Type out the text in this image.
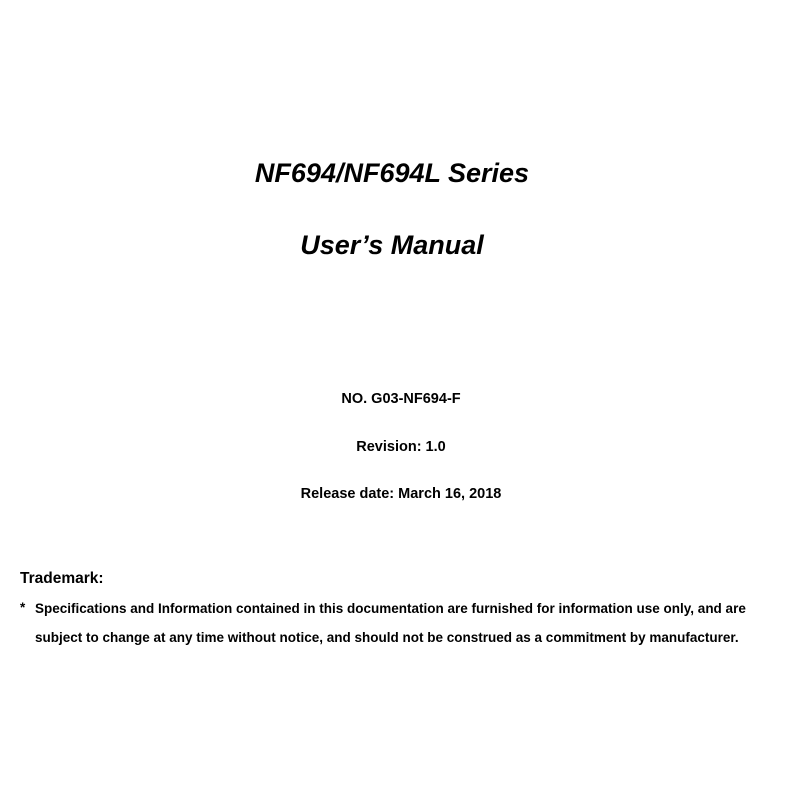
NF694/NF694L Series
User’s Manual
NO. G03-NF694-F
Revision: 1.0
Release date: March 16, 2018
Trademark:
* Specifications and Information contained in this documentation are furnished for information use only, and are subject to change at any time without notice, and should not be construed as a commitment by manufacturer.
